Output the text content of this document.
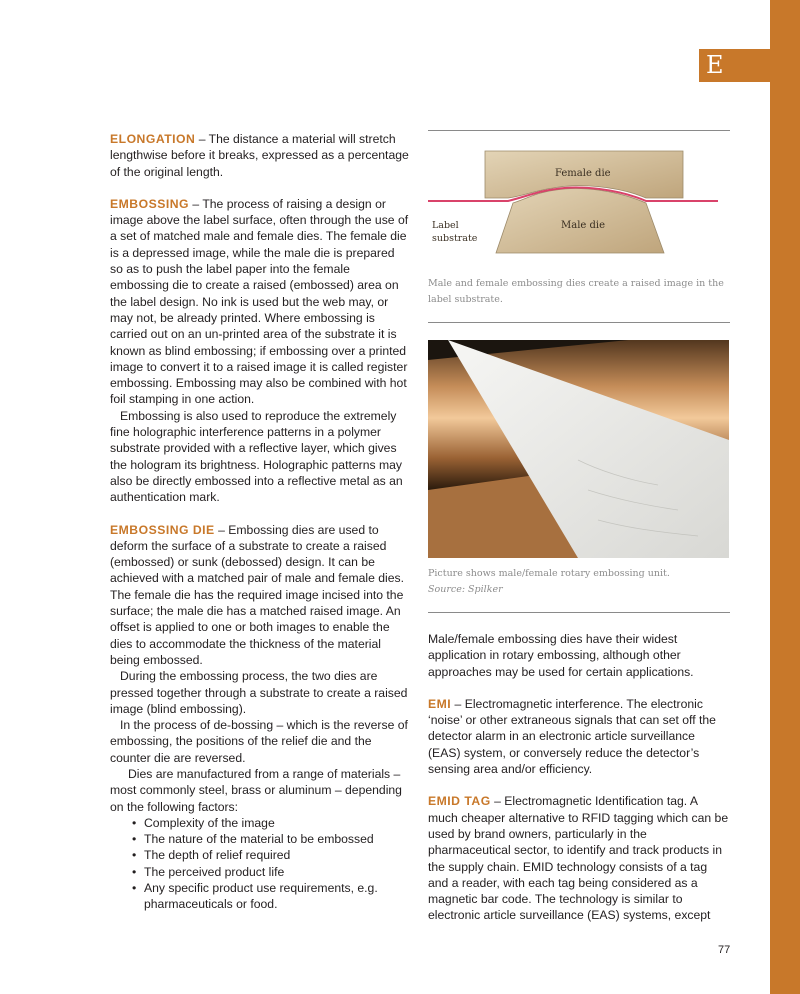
E

ELONGATION – The distance a material will stretch lengthwise before it breaks, expressed as a percentage of the original length.

EMBOSSING – The process of raising a design or image above the label surface, often through the use of a set of matched male and female dies. The female die is a depressed image, while the male die is prepared so as to push the label paper into the female embossing die to create a raised (embossed) area on the label design. No ink is used but the web may, or may not, be already printed. Where embossing is carried out on an un-printed area of the substrate it is known as blind embossing; if embossing over a printed image to convert it to a raised image it is called register embossing. Embossing may also be combined with hot foil stamping in one action.

Embossing is also used to reproduce the extremely fine holographic interference patterns in a polymer substrate provided with a reflective layer, which gives the hologram its brightness. Holographic patterns may also be directly embossed into a reflective metal as an authentication mark.

EMBOSSING DIE – Embossing dies are used to deform the surface of a substrate to create a raised (embossed) or sunk (debossed) design. It can be achieved with a matched pair of male and female dies. The female die has the required image incised into the surface; the male die has a matched raised image. An offset is applied to one or both images to enable the dies to accommodate the thickness of the material being embossed.

During the embossing process, the two dies are pressed together through a substrate to create a raised image (blind embossing).

In the process of de-bossing – which is the reverse of embossing, the positions of the relief die and the counter die are reversed.

Dies are manufactured from a range of materials – most commonly steel, brass or aluminum – depending on the following factors:

• Complexity of the image
• The nature of the material to be embossed
• The depth of relief required
• The perceived product life
• Any specific product use requirements, e.g. pharmaceuticals or food.
Female die
Male die
Label
substrate
Male and female embossing dies create a raised image in the label substrate.
Picture shows male/female rotary embossing unit.
Source: Spilker

Male/female embossing dies have their widest application in rotary embossing, although other approaches may be used for certain applications.

EMI – Electromagnetic interference. The electronic ‘noise’ or other extraneous signals that can set off the detector alarm in an electronic article surveillance (EAS) system, or conversely reduce the detector’s sensing area and/or efficiency.

EMID TAG – Electromagnetic Identification tag. A much cheaper alternative to RFID tagging which can be used by brand owners, particularly in the pharmaceutical sector, to identify and track products in the supply chain. EMID technology consists of a tag and a reader, with each tag being considered as a magnetic bar code. The technology is similar to electronic article surveillance (EAS) systems, except

77
